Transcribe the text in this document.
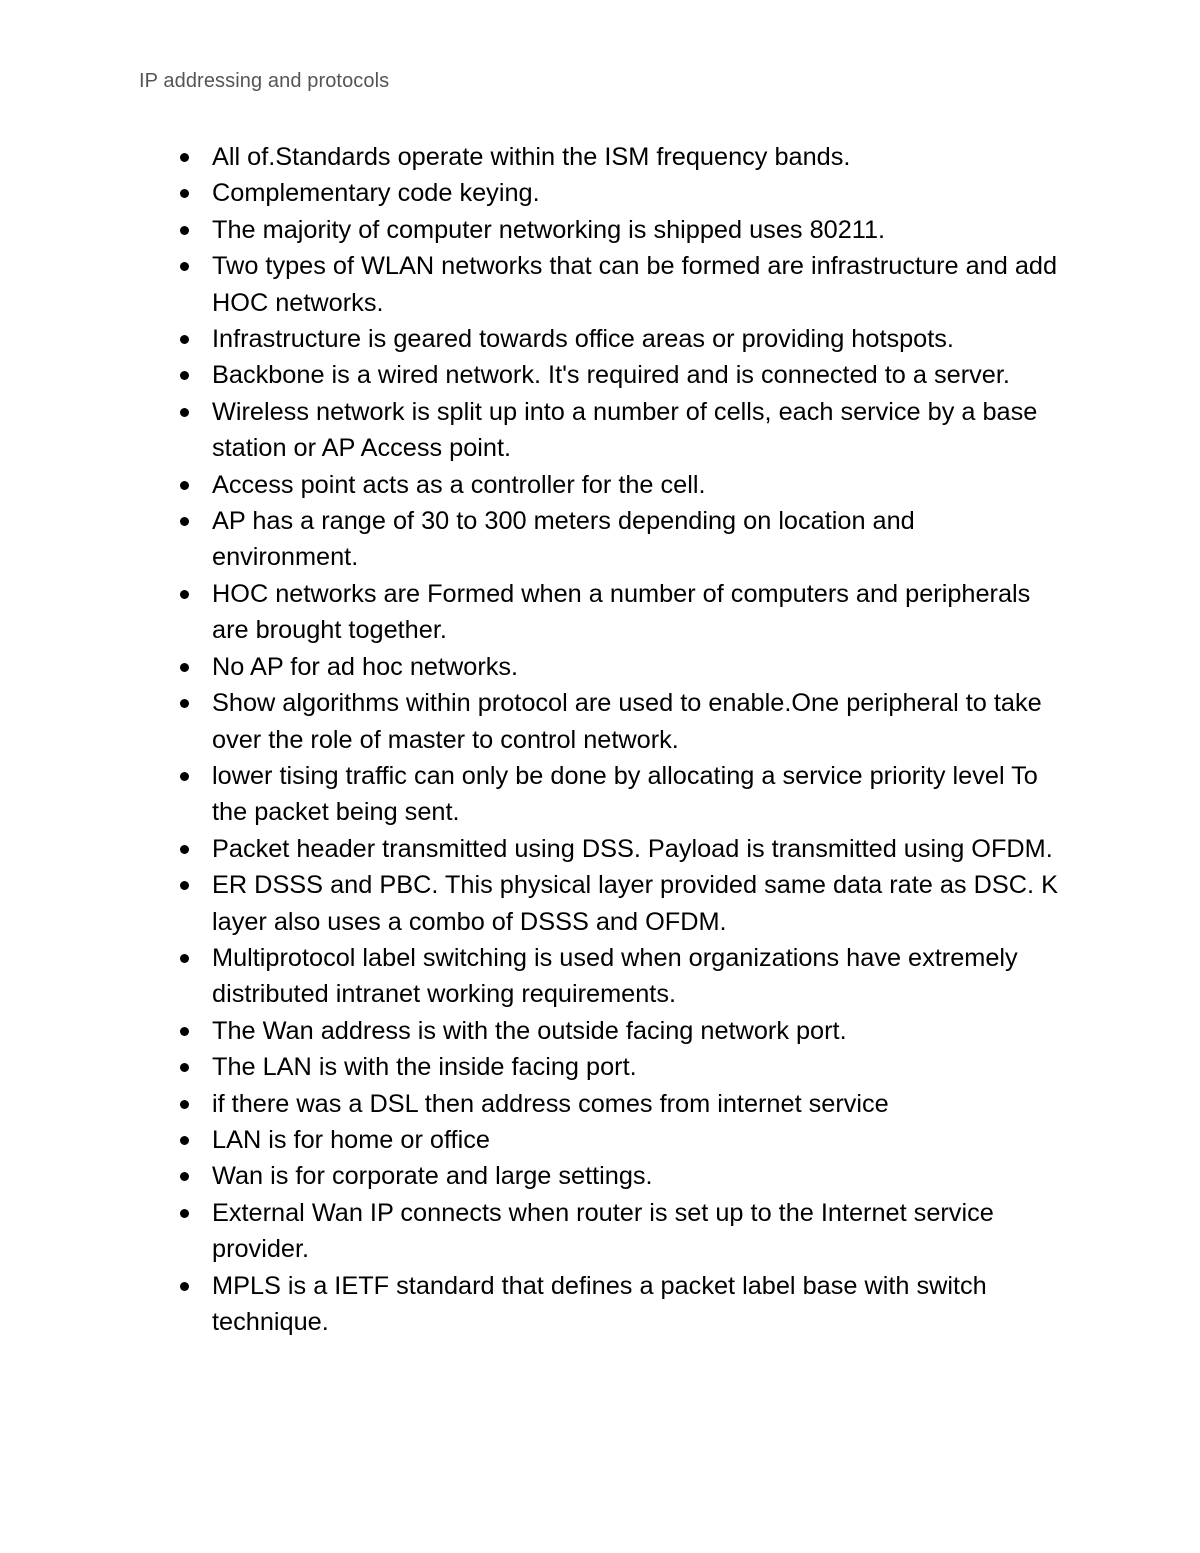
IP addressing and protocols
All of.Standards operate within the ISM frequency bands.
Complementary code keying.
The majority of computer networking is shipped uses 80211.
Two types of WLAN networks that can be formed are infrastructure and add HOC networks.
Infrastructure is geared towards office areas or providing hotspots.
Backbone is a wired network. It's required and is connected to a server.
Wireless network is split up into a number of cells, each service by a base station or AP Access point.
Access point acts as a controller for the cell.
AP has a range of 30 to 300 meters depending on location and environment.
HOC networks are Formed when a number of computers and peripherals are brought together.
No AP for ad hoc networks.
Show algorithms within protocol are used to enable.One peripheral to take over the role of master to control network.
lower tising traffic can only be done by allocating a service priority level To the packet being sent.
Packet header transmitted using DSS. Payload is transmitted using OFDM.
ER DSSS and PBC. This physical layer provided same data rate as DSC. K layer also uses a combo of DSSS and OFDM.
Multiprotocol label switching is used when organizations have extremely distributed intranet working requirements.
The Wan address is with the outside facing network port.
The LAN is with the inside facing port.
if there was a DSL then address comes from internet service
LAN is for home or office
Wan is for corporate and large settings.
External Wan IP connects when router is set up to the Internet service provider.
MPLS is a IETF standard that defines a packet label base with switch technique.
